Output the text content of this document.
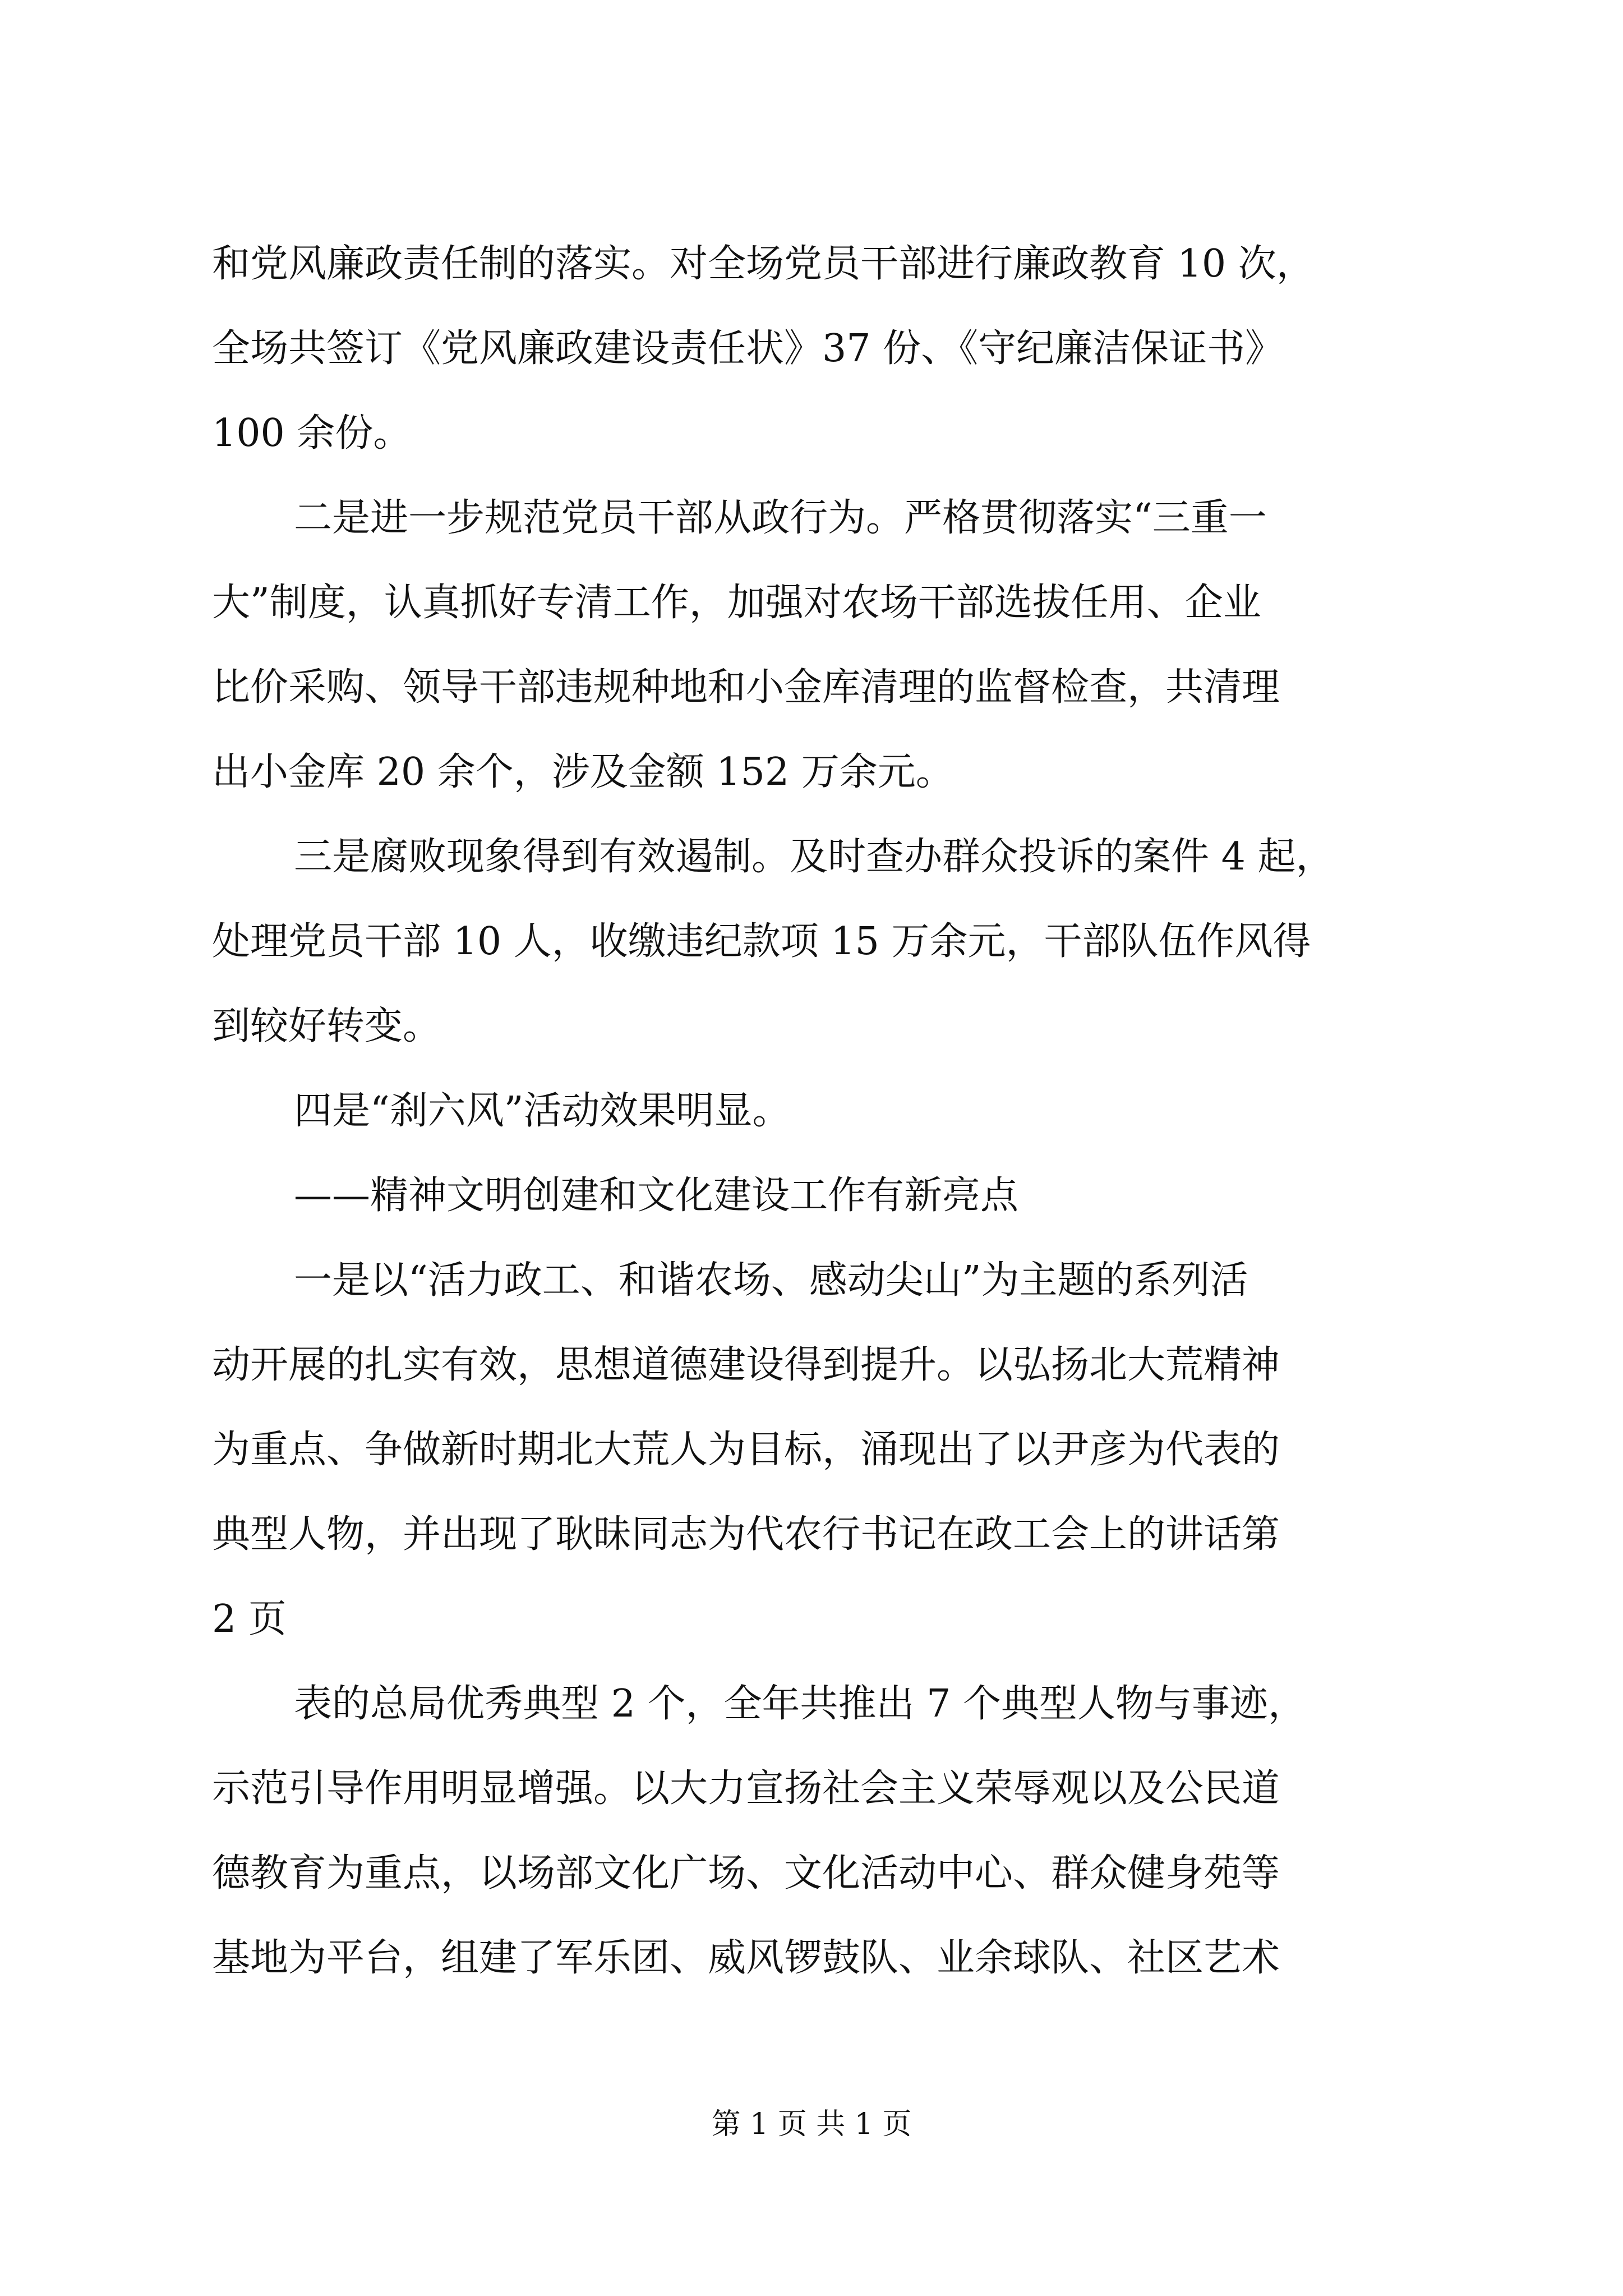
和党风廉政责任制的落实。对全场党员干部进行廉政教育 10 次，
全场共签订《党风廉政建设责任状》37 份、《守纪廉洁保证书》
100 余份。
二是进一步规范党员干部从政行为。严格贯彻落实“三重一
大”制度，认真抓好专清工作，加强对农场干部选拔任用、企业
比价采购、领导干部违规种地和小金库清理的监督检查，共清理
出小金库 20 余个，涉及金额 152 万余元。
三是腐败现象得到有效遏制。及时查办群众投诉的案件 4 起，
处理党员干部 10 人，收缴违纪款项 15 万余元，干部队伍作风得
到较好转变。
四是“刹六风”活动效果明显。
——精神文明创建和文化建设工作有新亮点
一是以“活力政工、和谐农场、感动尖山”为主题的系列活
动开展的扎实有效，思想道德建设得到提升。以弘扬北大荒精神
为重点、争做新时期北大荒人为目标，涌现出了以尹彦为代表的
典型人物，并出现了耿昧同志为代农行书记在政工会上的讲话第
2 页
表的总局优秀典型 2 个，全年共推出 7 个典型人物与事迹，
示范引导作用明显增强。以大力宣扬社会主义荣辱观以及公民道
德教育为重点，以场部文化广场、文化活动中心、群众健身苑等
基地为平台，组建了军乐团、威风锣鼓队、业余球队、社区艺术
第 1 页 共 1 页
